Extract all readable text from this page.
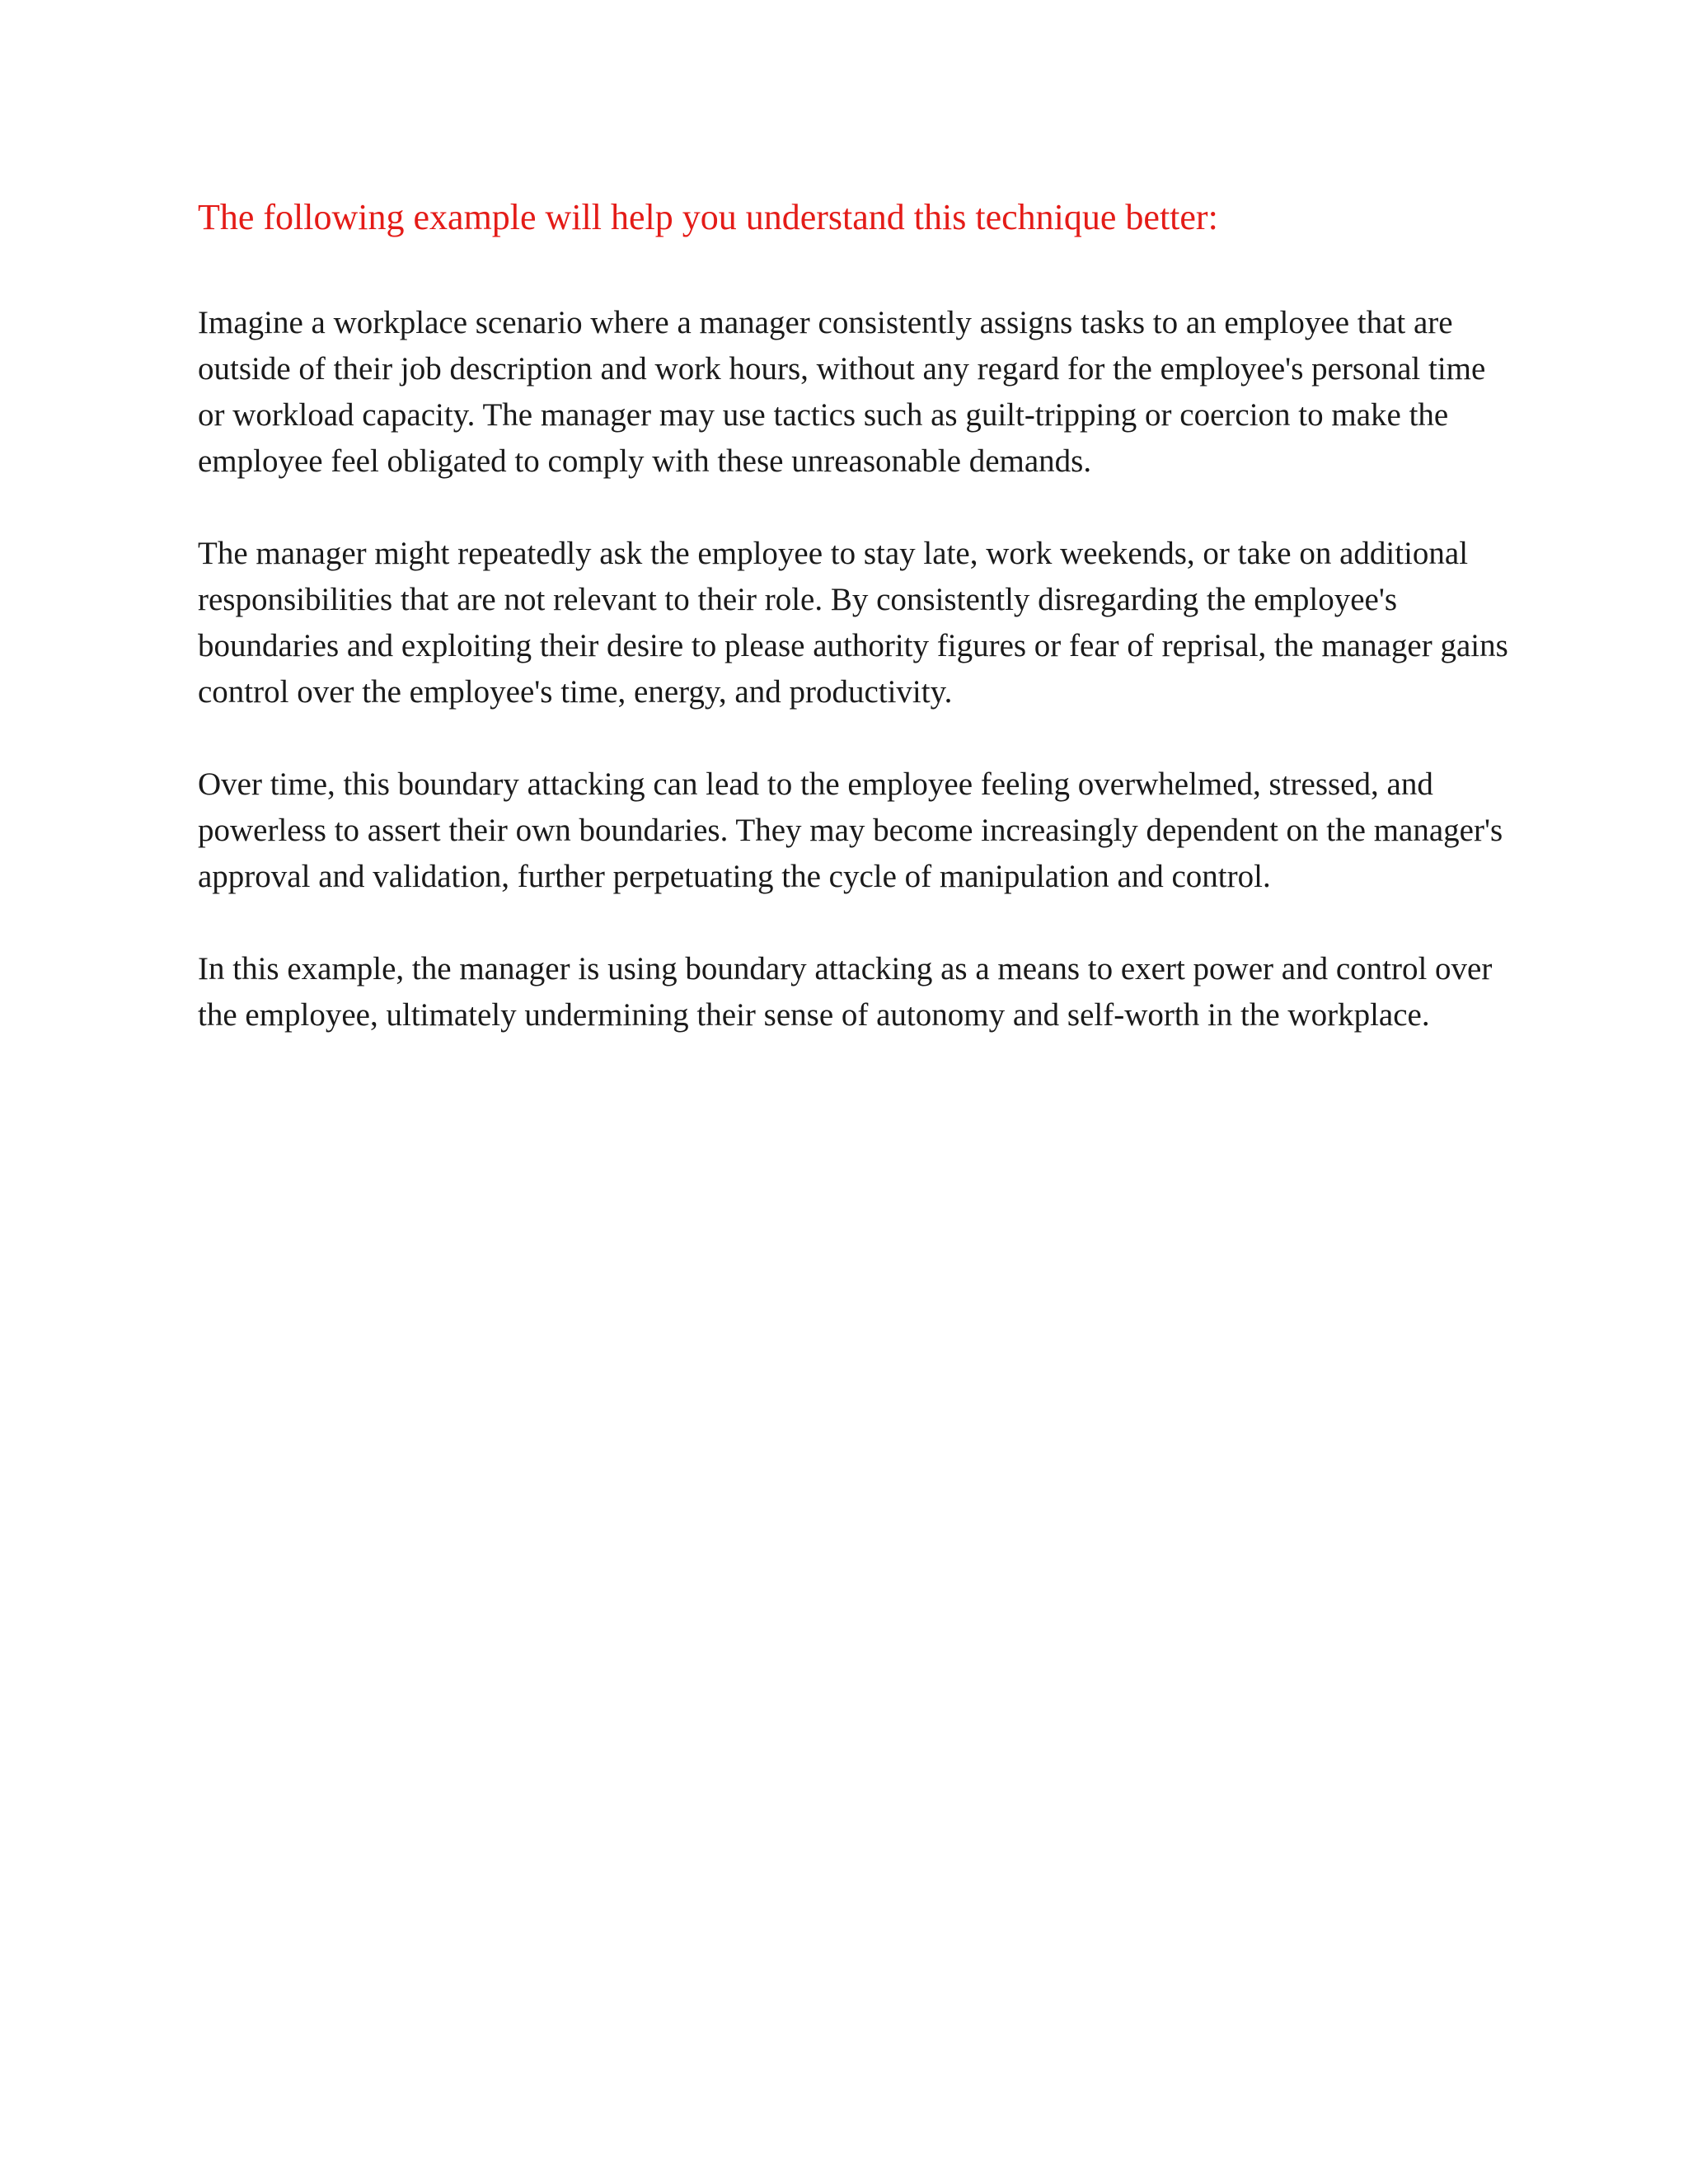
The following example will help you understand this technique better:

Imagine a workplace scenario where a manager consistently assigns tasks to an employee that are outside of their job description and work hours, without any regard for the employee's personal time or workload capacity. The manager may use tactics such as guilt-tripping or coercion to make the employee feel obligated to comply with these unreasonable demands.

The manager might repeatedly ask the employee to stay late, work weekends, or take on additional responsibilities that are not relevant to their role. By consistently disregarding the employee's boundaries and exploiting their desire to please authority figures or fear of reprisal, the manager gains control over the employee's time, energy, and productivity.

Over time, this boundary attacking can lead to the employee feeling overwhelmed, stressed, and powerless to assert their own boundaries. They may become increasingly dependent on the manager's approval and validation, further perpetuating the cycle of manipulation and control.

In this example, the manager is using boundary attacking as a means to exert power and control over the employee, ultimately undermining their sense of autonomy and self-worth in the workplace.
